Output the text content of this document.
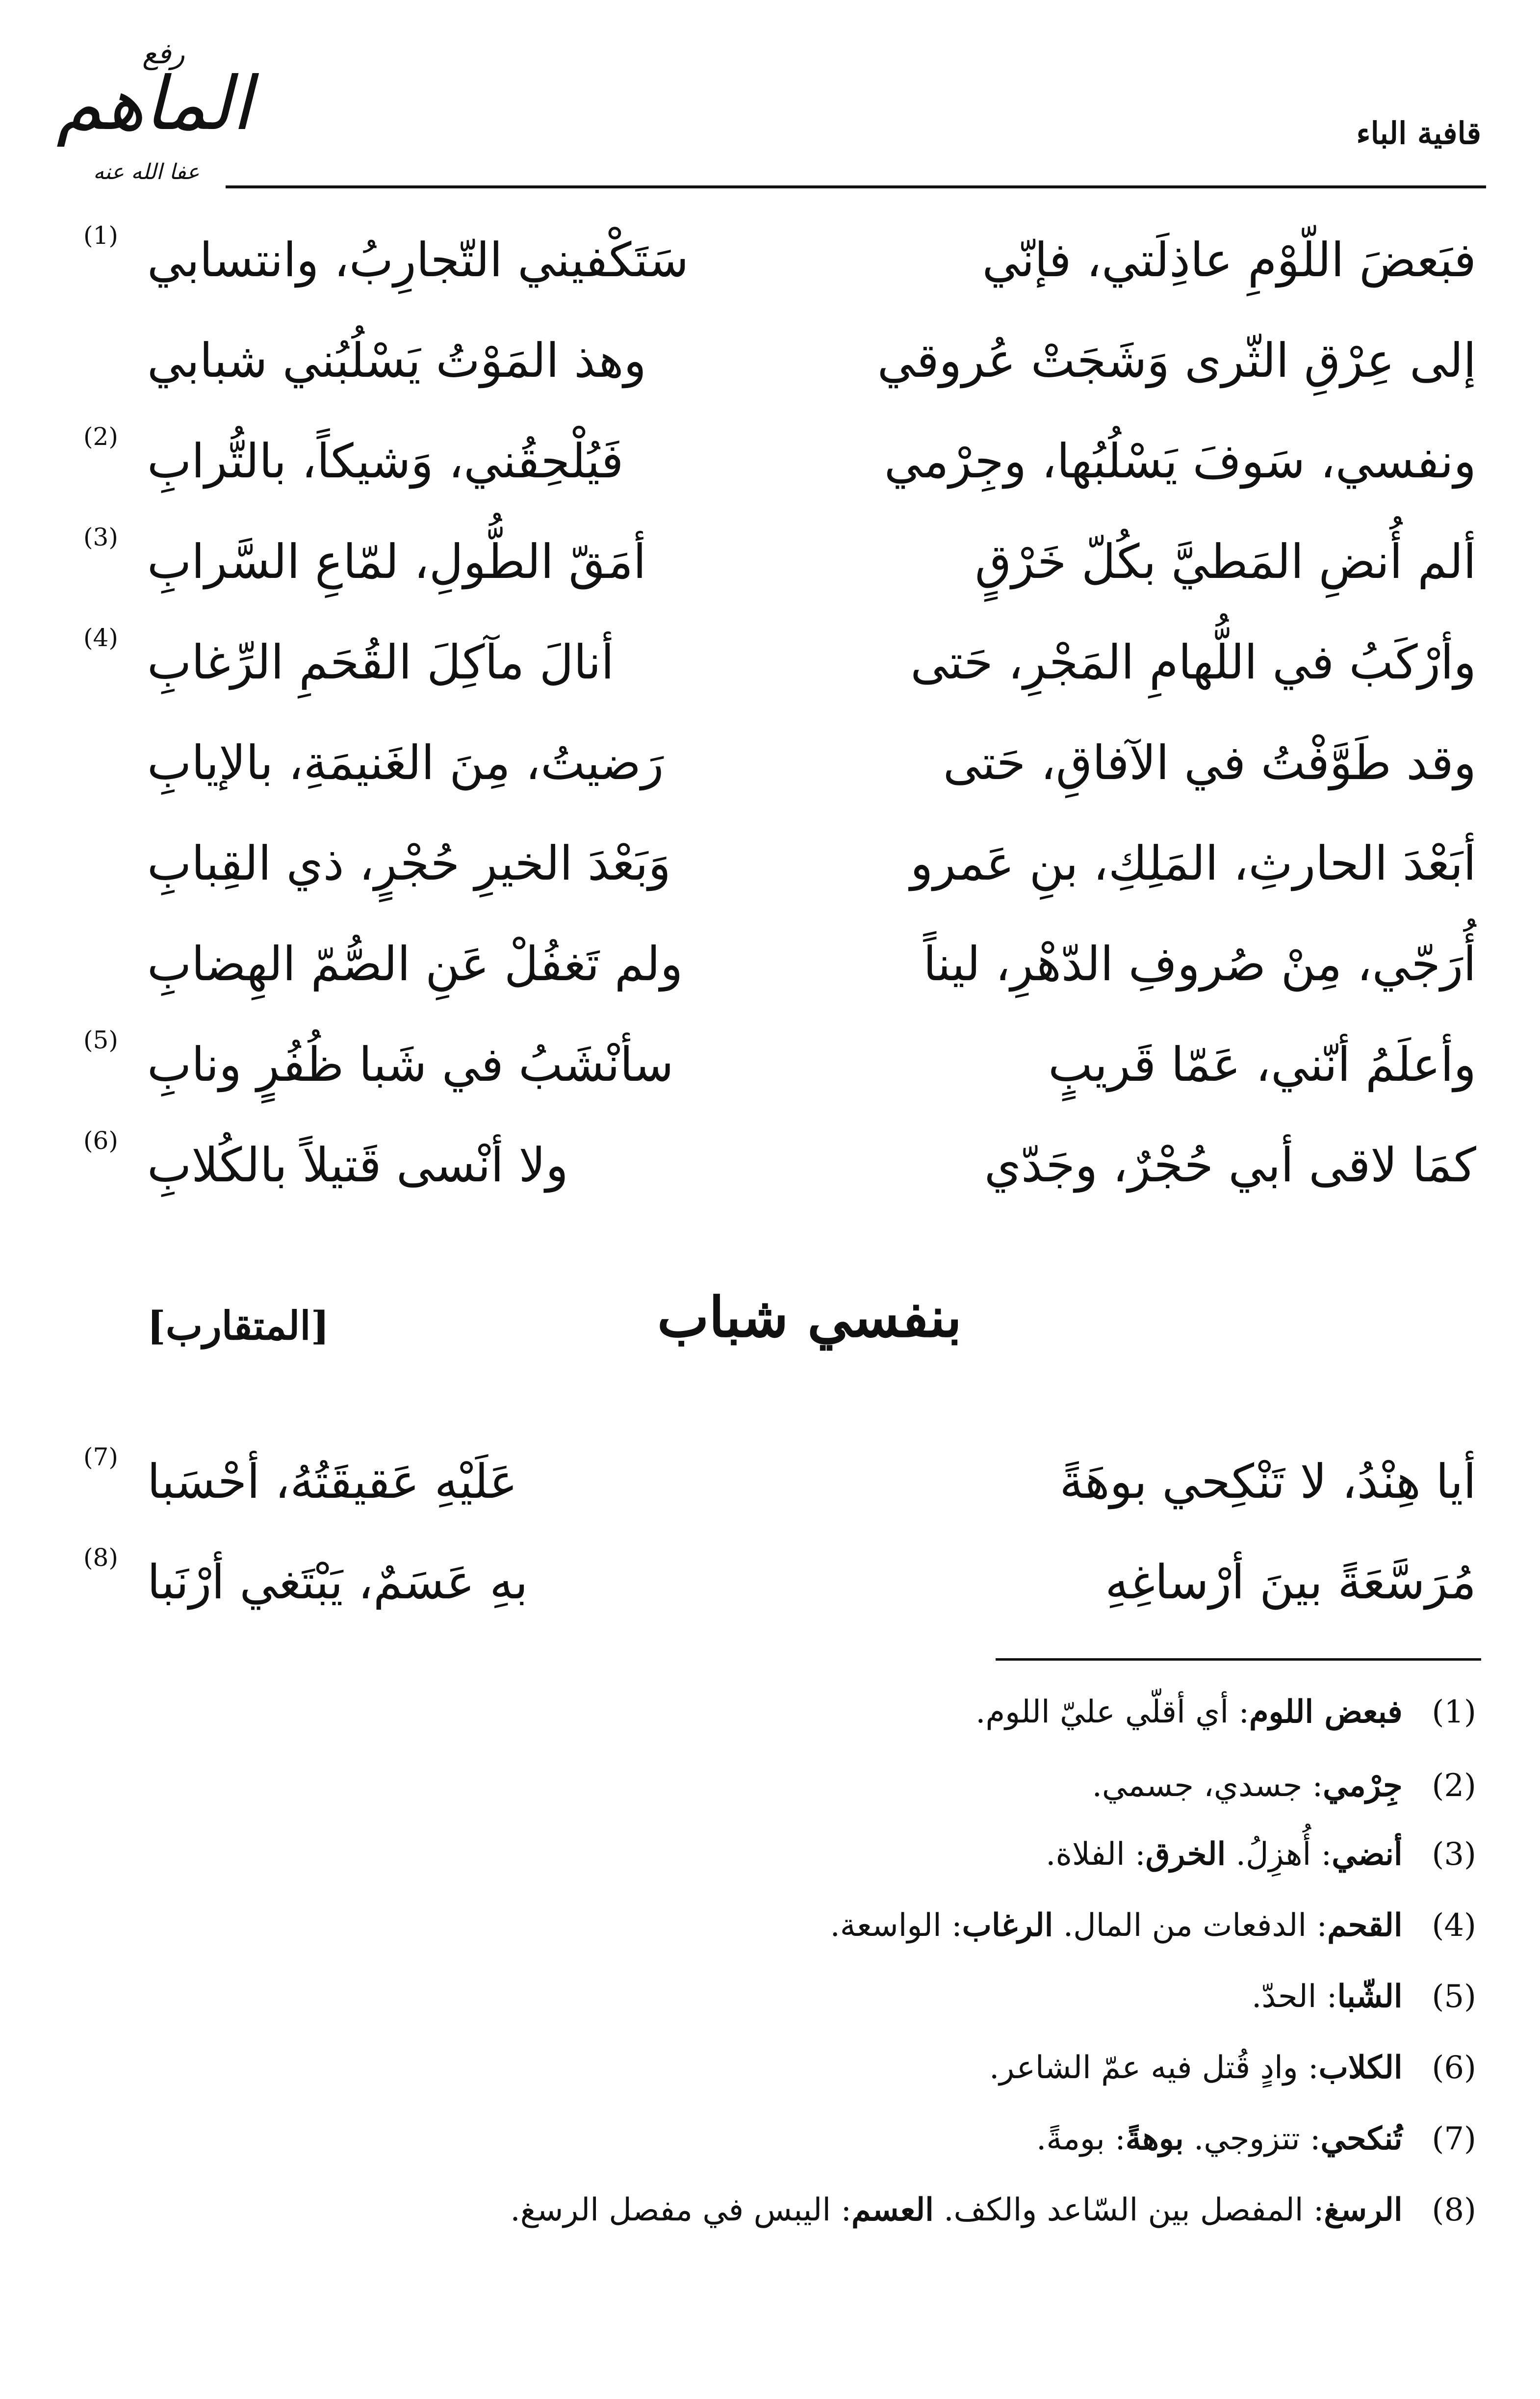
رفع
الماهم
عفا الله عنه
قافية الباء
فبَعضَ اللّوْمِ عاذِلَتي، فإنّي
سَتَكْفيني التّجارِبُ، وانتسابي
(1)
إلى عِرْقِ الثّرى وَشَجَتْ عُروقي
وهذ المَوْتُ يَسْلُبُني شبابي
ونفسي، سَوفَ يَسْلُبُها، وجِرْمي
فَيُلْحِقُني، وَشيكاً، بالتُّرابِ
(2)
ألم أُنضِ المَطيَّ بكُلّ خَرْقٍ
أمَقّ الطُّولِ، لمّاعِ السَّرابِ
(3)
وأرْكَبُ في اللُّهامِ المَجْرِ، حَتى
أنالَ مآكِلَ القُحَمِ الرِّغابِ
(4)
وقد طَوَّفْتُ في الآفاقِ، حَتى
رَضيتُ، مِنَ الغَنيمَةِ، بالإيابِ
أبَعْدَ الحارثِ، المَلِكِ، بنِ عَمرو
وَبَعْدَ الخيرِ حُجْرٍ، ذي القِبابِ
أُرَجّي، مِنْ صُروفِ الدّهْرِ، ليناً
ولم تَغفُلْ عَنِ الصُّمّ الهِضابِ
وأعلَمُ أنّني، عَمّا قَريبٍ
سأنْشَبُ في شَبا ظُفُرٍ ونابِ
(5)
كمَا لاقى أبي حُجْرٌ، وجَدّي
ولا أنْسى قَتيلاً بالكُلابِ
(6)
بنفسي شباب
[المتقارب]
أيا هِنْدُ، لا تَنْكِحي بوهَةً
عَلَيْهِ عَقيقَتُهُ، أحْسَبا
(7)
مُرَسَّعَةً بينَ أرْساغِهِ
بهِ عَسَمٌ، يَبْتَغي أرْنَبا
(8)
(1) فبعض اللوم: أي أقلّي عليّ اللوم.
(2) جِرْمي: جسدي، جسمي.
(3) أنضي: أُهزِلُ. الخرق: الفلاة.
(4) القحم: الدفعات من المال. الرغاب: الواسعة.
(5) الشّبا: الحدّ.
(6) الكلاب: وادٍ قُتل فيه عمّ الشاعر.
(7) تُنكحي: تتزوجي. بوهةً: بومةً.
(8) الرسغ: المفصل بين السّاعد والكف. العسم: اليبس في مفصل الرسغ.
